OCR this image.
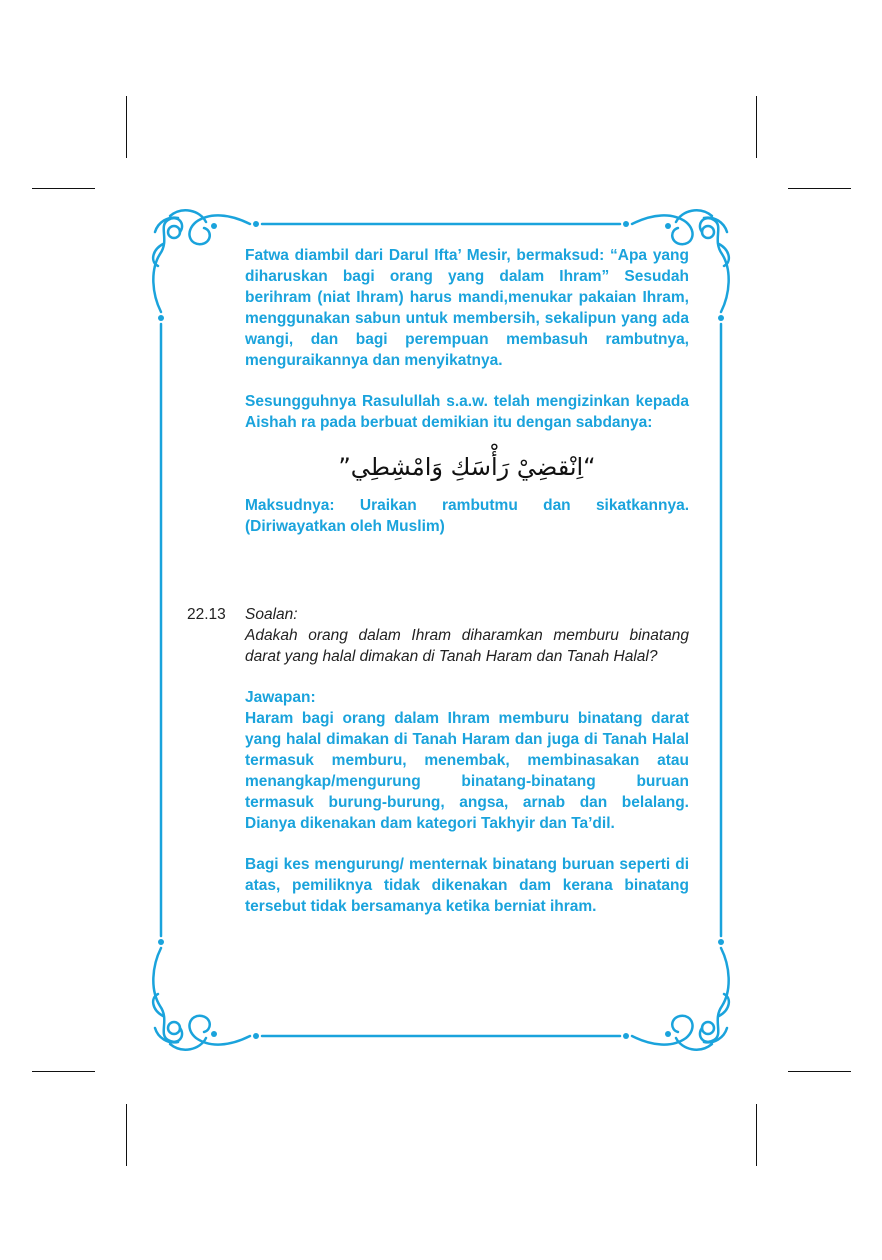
Fatwa diambil dari Darul Ifta’ Mesir, bermaksud: “Apa yang diharuskan bagi orang yang dalam Ihram” Sesudah berihram (niat Ihram) harus mandi,menukar pakaian Ihram, menggunakan sabun untuk membersih, sekalipun yang ada wangi, dan bagi perempuan membasuh rambutnya, menguraikannya dan menyikatnya.

Sesungguhnya Rasulullah s.a.w. telah mengizinkan kepada Aishah ra pada berbuat demikian itu dengan sabdanya:

“اِنْقضِيْ رَأْسَكِ وَامْشِطِي”

Maksudnya: Uraikan rambutmu dan sikatkannya. (Diriwayatkan oleh Muslim)

22.13 Soalan:

Adakah orang dalam Ihram diharamkan memburu binatang darat yang halal dimakan di Tanah Haram dan Tanah Halal?

Jawapan:

Haram bagi orang dalam Ihram memburu binatang darat yang halal dimakan di Tanah Haram dan juga di Tanah Halal termasuk memburu, menembak, membinasakan atau menangkap/mengurung binatang-binatang buruan termasuk burung-burung, angsa, arnab dan belalang. Dianya dikenakan dam kategori Takhyir dan Ta’dil.

Bagi kes mengurung/ menternak binatang buruan seperti di atas, pemiliknya tidak dikenakan dam kerana binatang tersebut tidak bersamanya ketika berniat ihram.
